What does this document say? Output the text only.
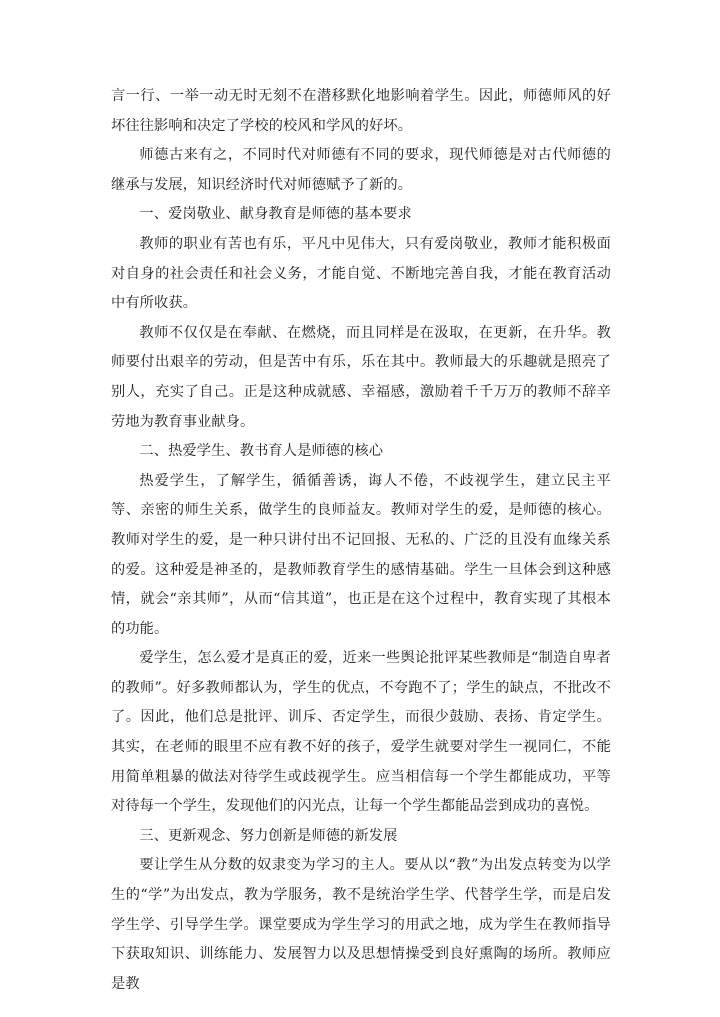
言一行、一举一动无时无刻不在潜移默化地影响着学生。因此，师德师风的好坏往往影响和决定了学校的校风和学风的好坏。

师德古来有之，不同时代对师德有不同的要求，现代师德是对古代师德的继承与发展，知识经济时代对师德赋予了新的。

一、爱岗敬业、献身教育是师德的基本要求

教师的职业有苦也有乐，平凡中见伟大，只有爱岗敬业，教师才能积极面对自身的社会责任和社会义务，才能自觉、不断地完善自我，才能在教育活动中有所收获。

教师不仅仅是在奉献、在燃烧，而且同样是在汲取，在更新，在升华。教师要付出艰辛的劳动，但是苦中有乐，乐在其中。教师最大的乐趣就是照亮了别人，充实了自己。正是这种成就感、幸福感，激励着千千万万的教师不辞辛劳地为教育事业献身。

二、热爱学生、教书育人是师德的核心

热爱学生，了解学生，循循善诱，诲人不倦，不歧视学生，建立民主平等、亲密的师生关系，做学生的良师益友。教师对学生的爱，是师德的核心。教师对学生的爱，是一种只讲付出不记回报、无私的、广泛的且没有血缘关系的爱。这种爱是神圣的，是教师教育学生的感情基础。学生一旦体会到这种感情，就会“亲其师”，从而“信其道”，也正是在这个过程中，教育实现了其根本的功能。

爱学生，怎么爱才是真正的爱，近来一些舆论批评某些教师是“制造自卑者的教师”。好多教师都认为，学生的优点，不夸跑不了；学生的缺点，不批改不了。因此，他们总是批评、训斥、否定学生，而很少鼓励、表扬、肯定学生。其实，在老师的眼里不应有教不好的孩子，爱学生就要对学生一视同仁，不能用简单粗暴的做法对待学生或歧视学生。应当相信每一个学生都能成功，平等对待每一个学生，发现他们的闪光点，让每一个学生都能品尝到成功的喜悦。

三、更新观念、努力创新是师德的新发展

要让学生从分数的奴隶变为学习的主人。要从以“教”为出发点转变为以学生的“学”为出发点，教为学服务，教不是统治学生学、代替学生学，而是启发学生学、引导学生学。课堂要成为学生学习的用武之地，成为学生在教师指导下获取知识、训练能力、发展智力以及思想情操受到良好熏陶的场所。教师应是教
